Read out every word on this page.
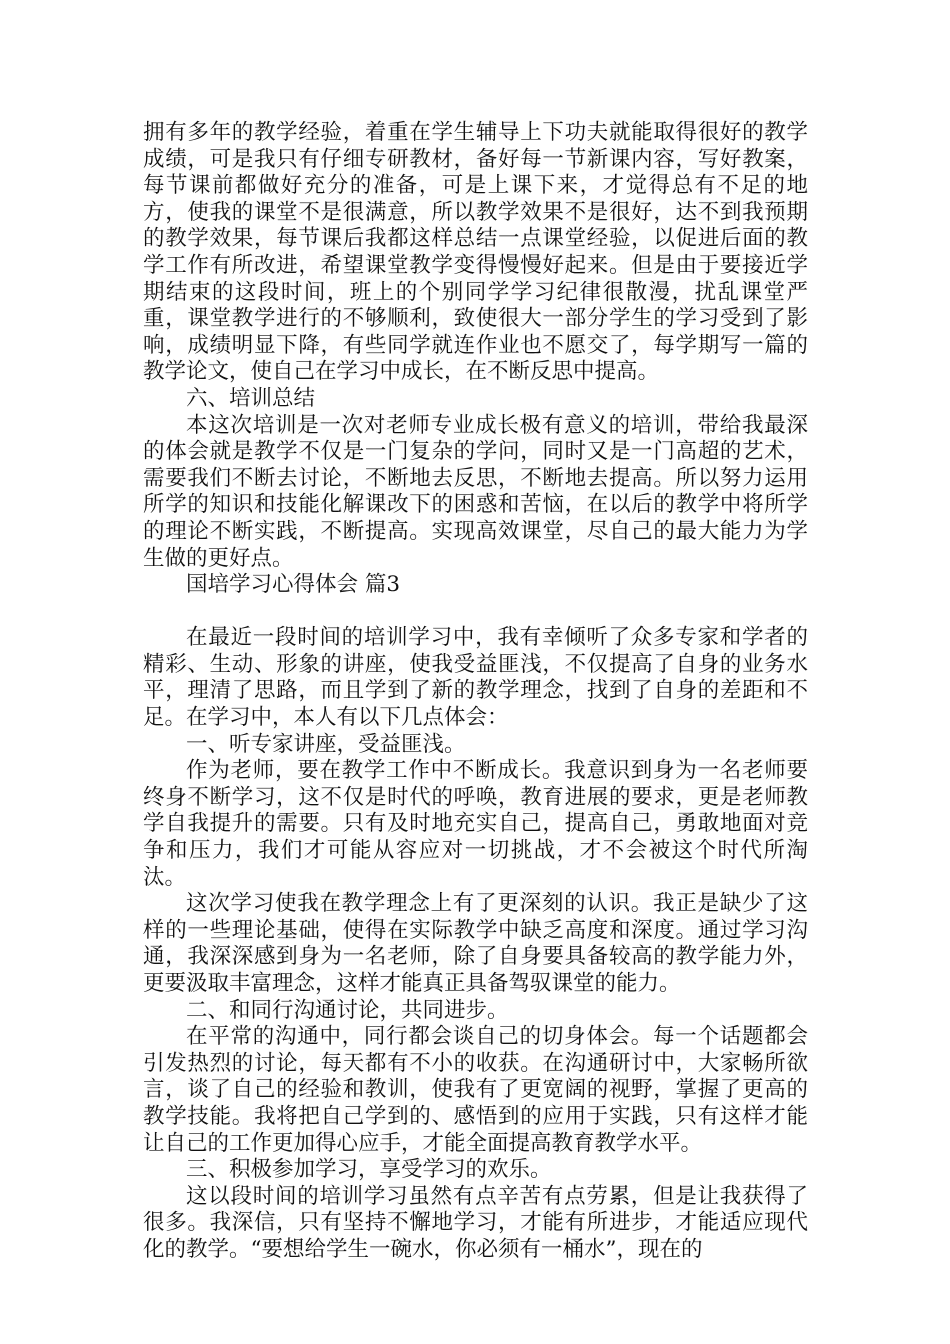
拥有多年的教学经验，着重在学生辅导上下功夫就能取得很好的教学成绩，可是我只有仔细专研教材，备好每一节新课内容，写好教案，每节课前都做好充分的准备，可是上课下来，才觉得总有不足的地方，使我的课堂不是很满意，所以教学效果不是很好，达不到我预期的教学效果，每节课后我都这样总结一点课堂经验，以促进后面的教学工作有所改进，希望课堂教学变得慢慢好起来。但是由于要接近学期结束的这段时间，班上的个别同学学习纪律很散漫，扰乱课堂严重，课堂教学进行的不够顺利，致使很大一部分学生的学习受到了影响，成绩明显下降，有些同学就连作业也不愿交了，每学期写一篇的教学论文，使自己在学习中成长，在不断反思中提高。

六、培训总结

本这次培训是一次对老师专业成长极有意义的培训，带给我最深的体会就是教学不仅是一门复杂的学问，同时又是一门高超的艺术，需要我们不断去讨论，不断地去反思，不断地去提高。所以努力运用所学的知识和技能化解课改下的困惑和苦恼，在以后的教学中将所学的理论不断实践，不断提高。实现高效课堂，尽自己的最大能力为学生做的更好点。

国培学习心得体会 篇3

在最近一段时间的培训学习中，我有幸倾听了众多专家和学者的精彩、生动、形象的讲座，使我受益匪浅，不仅提高了自身的业务水平，理清了思路，而且学到了新的教学理念，找到了自身的差距和不足。在学习中，本人有以下几点体会：

一、听专家讲座，受益匪浅。

作为老师，要在教学工作中不断成长。我意识到身为一名老师要终身不断学习，这不仅是时代的呼唤，教育进展的要求，更是老师教学自我提升的需要。只有及时地充实自己，提高自己，勇敢地面对竞争和压力，我们才可能从容应对一切挑战，才不会被这个时代所淘汰。

这次学习使我在教学理念上有了更深刻的认识。我正是缺少了这样的一些理论基础，使得在实际教学中缺乏高度和深度。通过学习沟通，我深深感到身为一名老师，除了自身要具备较高的教学能力外，更要汲取丰富理念，这样才能真正具备驾驭课堂的能力。

二、和同行沟通讨论，共同进步。

在平常的沟通中，同行都会谈自己的切身体会。每一个话题都会引发热烈的讨论，每天都有不小的收获。在沟通研讨中，大家畅所欲言，谈了自己的经验和教训，使我有了更宽阔的视野，掌握了更高的教学技能。我将把自己学到的、感悟到的应用于实践，只有这样才能让自己的工作更加得心应手，才能全面提高教育教学水平。

三、积极参加学习，享受学习的欢乐。

这以段时间的培训学习虽然有点辛苦有点劳累，但是让我获得了很多。我深信，只有坚持不懈地学习，才能有所进步，才能适应现代化的教学。“要想给学生一碗水，你必须有一桶水”，现在的
